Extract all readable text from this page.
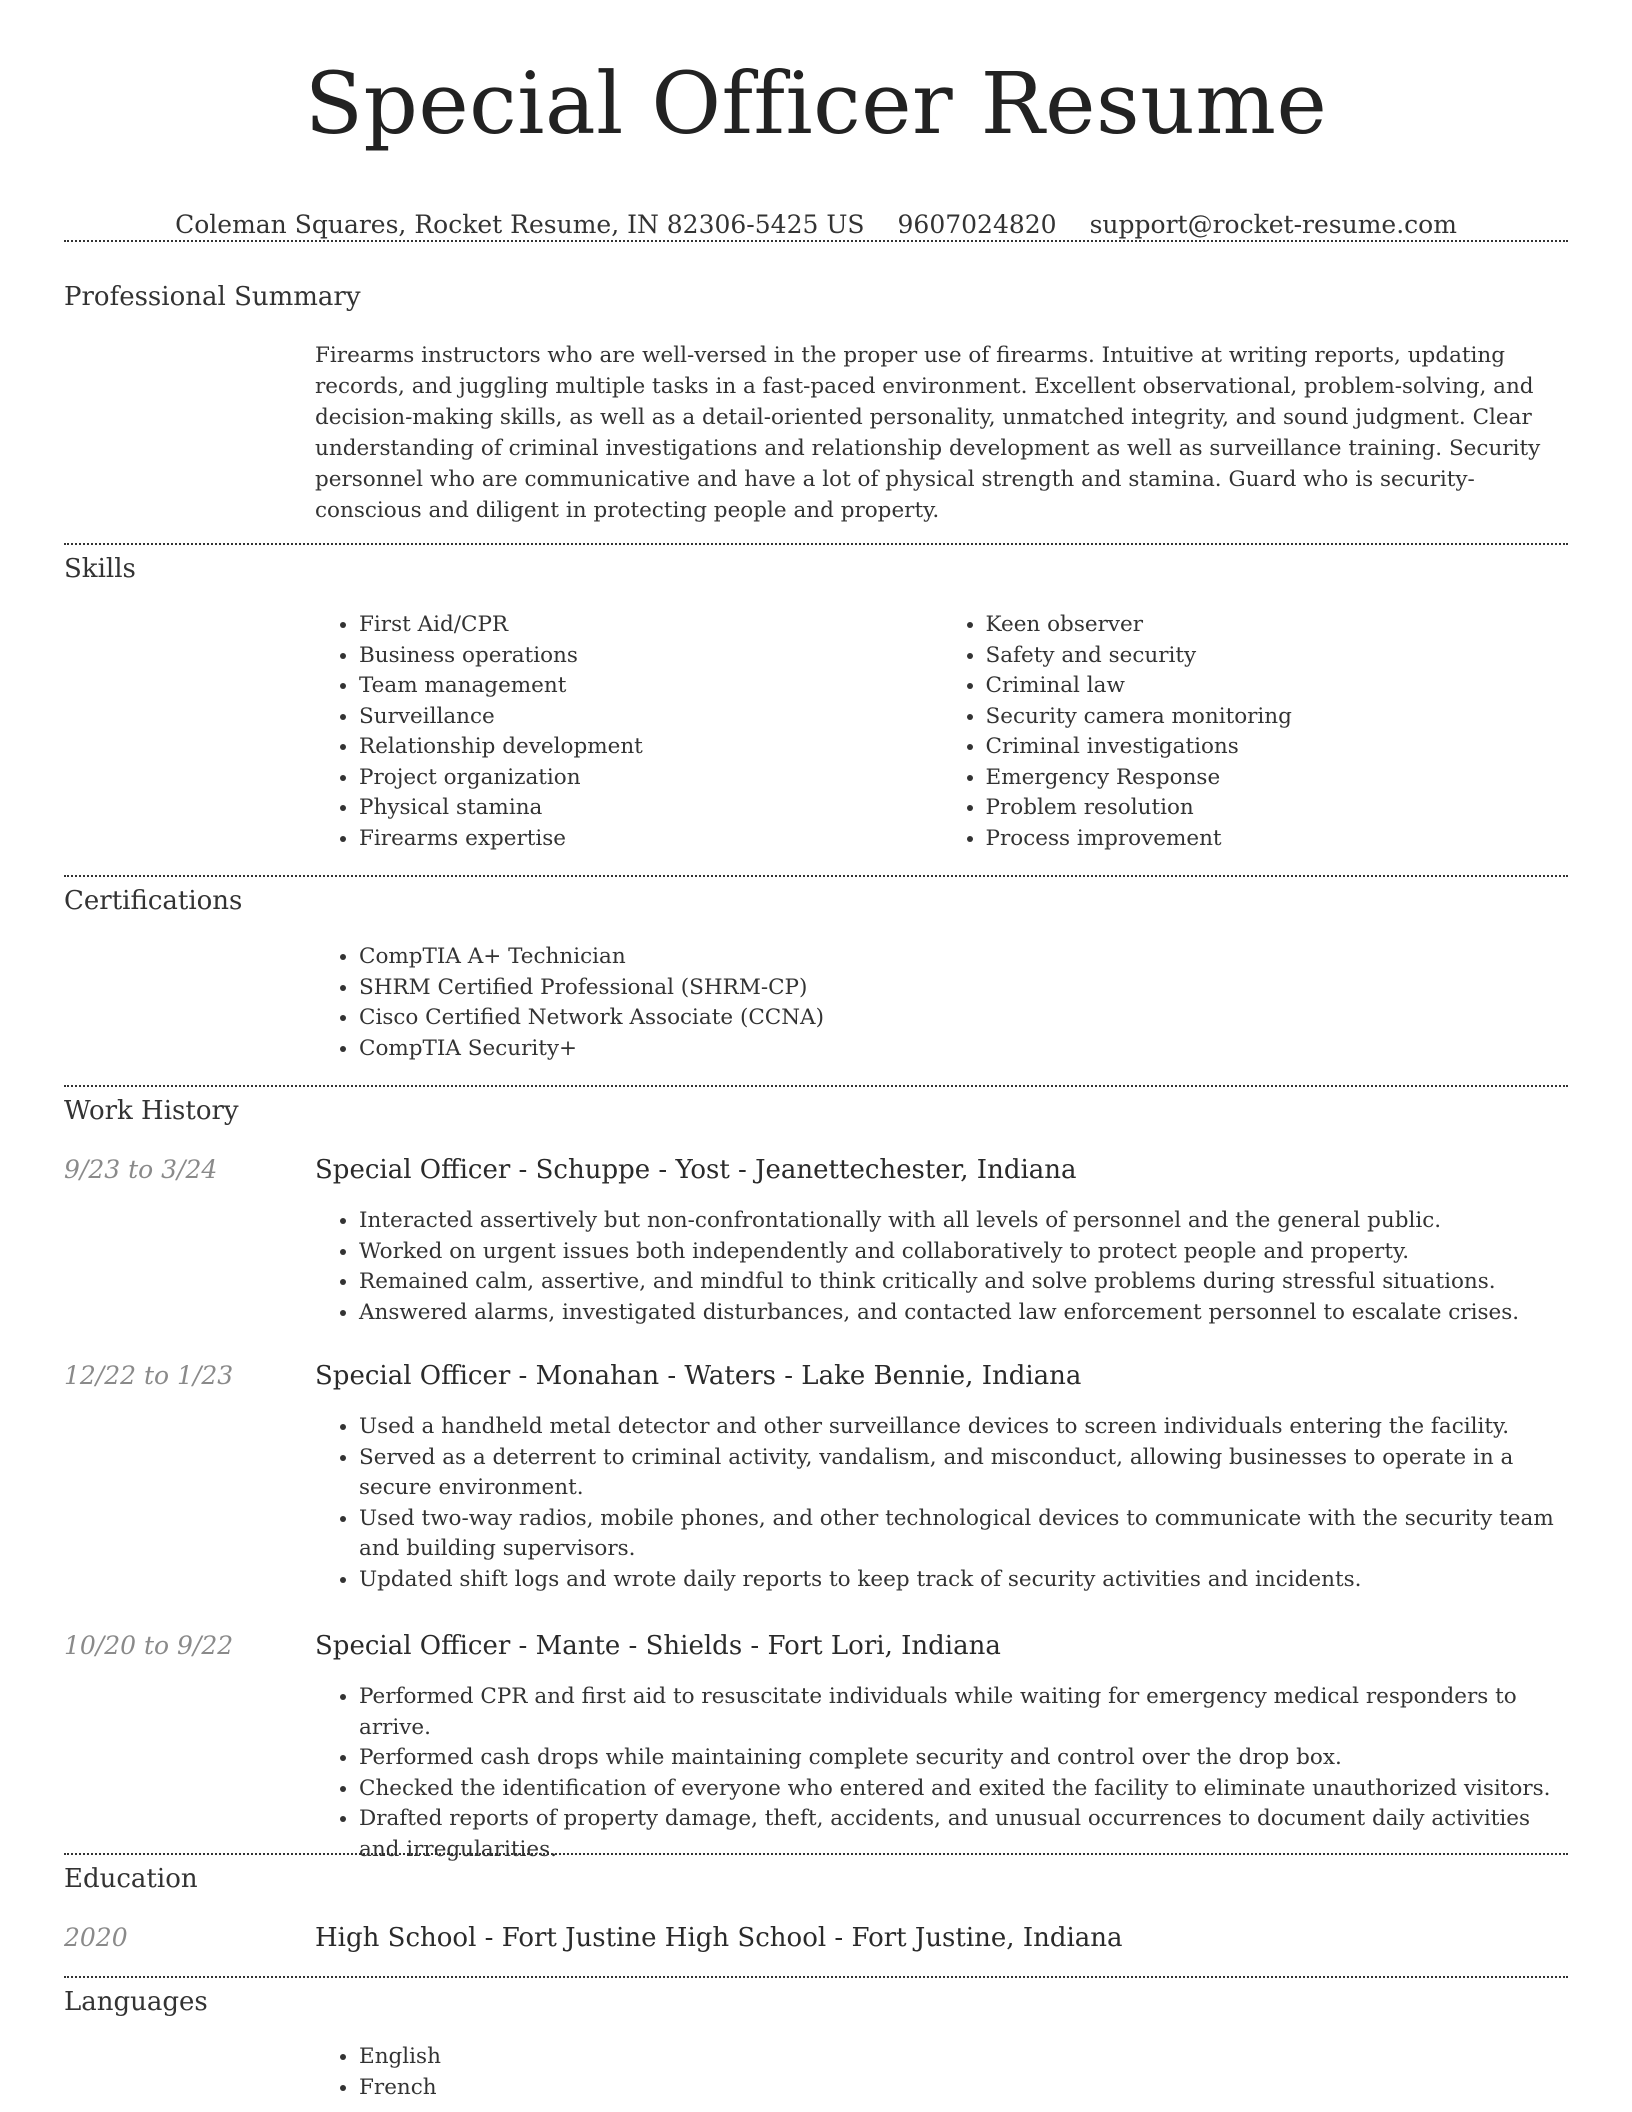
Special Officer Resume
Coleman Squares, Rocket Resume, IN 82306-5425 US 9607024820 support@rocket-resume.com
Professional Summary
Firearms instructors who are well-versed in the proper use of firearms. Intuitive at writing reports, updating records, and juggling multiple tasks in a fast-paced environment. Excellent observational, problem-solving, and decision-making skills, as well as a detail-oriented personality, unmatched integrity, and sound judgment. Clear understanding of criminal investigations and relationship development as well as surveillance training. Security personnel who are communicative and have a lot of physical strength and stamina. Guard who is security-conscious and diligent in protecting people and property.
Skills
• First Aid/CPR
• Business operations
• Team management
• Surveillance
• Relationship development
• Project organization
• Physical stamina
• Firearms expertise
• Keen observer
• Safety and security
• Criminal law
• Security camera monitoring
• Criminal investigations
• Emergency Response
• Problem resolution
• Process improvement
Certifications
• CompTIA A+ Technician
• SHRM Certified Professional (SHRM-CP)
• Cisco Certified Network Associate (CCNA)
• CompTIA Security+
Work History
9/23 to 3/24	Special Officer - Schuppe - Yost - Jeanettechester, Indiana
• Interacted assertively but non-confrontationally with all levels of personnel and the general public.
• Worked on urgent issues both independently and collaboratively to protect people and property.
• Remained calm, assertive, and mindful to think critically and solve problems during stressful situations.
• Answered alarms, investigated disturbances, and contacted law enforcement personnel to escalate crises.
12/22 to 1/23	Special Officer - Monahan - Waters - Lake Bennie, Indiana
• Used a handheld metal detector and other surveillance devices to screen individuals entering the facility.
• Served as a deterrent to criminal activity, vandalism, and misconduct, allowing businesses to operate in a secure environment.
• Used two-way radios, mobile phones, and other technological devices to communicate with the security team and building supervisors.
• Updated shift logs and wrote daily reports to keep track of security activities and incidents.
10/20 to 9/22	Special Officer - Mante - Shields - Fort Lori, Indiana
• Performed CPR and first aid to resuscitate individuals while waiting for emergency medical responders to arrive.
• Performed cash drops while maintaining complete security and control over the drop box.
• Checked the identification of everyone who entered and exited the facility to eliminate unauthorized visitors.
• Drafted reports of property damage, theft, accidents, and unusual occurrences to document daily activities and irregularities.
Education
2020	High School - Fort Justine High School - Fort Justine, Indiana
Languages
• English
• French
